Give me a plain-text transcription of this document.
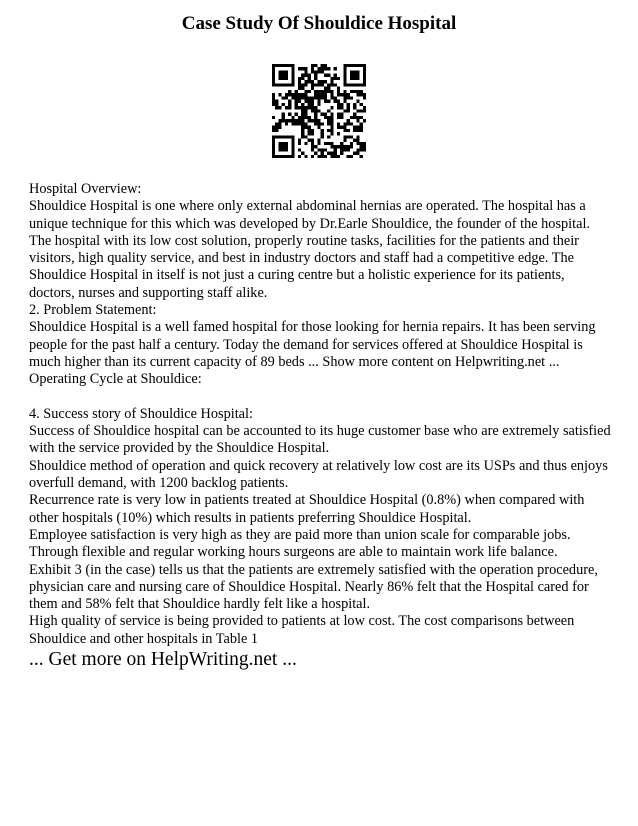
Case Study Of Shouldice Hospital
Hospital Overview:
Shouldice Hospital is one where only external abdominal hernias are operated. The hospital has a unique technique for this which was developed by Dr.Earle Shouldice, the founder of the hospital. The hospital with its low cost solution, properly routine tasks, facilities for the patients and their visitors, high quality service, and best in industry doctors and staff had a competitive edge. The Shouldice Hospital in itself is not just a curing centre but a holistic experience for its patients, doctors, nurses and supporting staff alike.
2. Problem Statement:
Shouldice Hospital is a well famed hospital for those looking for hernia repairs. It has been serving people for the past half a century. Today the demand for services offered at Shouldice Hospital is much higher than its current capacity of 89 beds ... Show more content on Helpwriting.net ...
Operating Cycle at Shouldice:
4. Success story of Shouldice Hospital:
Success of Shouldice hospital can be accounted to its huge customer base who are extremely satisfied with the service provided by the Shouldice Hospital.
Shouldice method of operation and quick recovery at relatively low cost are its USPs and thus enjoys overfull demand, with 1200 backlog patients.
Recurrence rate is very low in patients treated at Shouldice Hospital (0.8%) when compared with other hospitals (10%) which results in patients preferring Shouldice Hospital.
Employee satisfaction is very high as they are paid more than union scale for comparable jobs.
Through flexible and regular working hours surgeons are able to maintain work life balance.
Exhibit 3 (in the case) tells us that the patients are extremely satisfied with the operation procedure, physician care and nursing care of Shouldice Hospital. Nearly 86% felt that the Hospital cared for them and 58% felt that Shouldice hardly felt like a hospital.
High quality of service is being provided to patients at low cost. The cost comparisons between Shouldice and other hospitals in Table 1

... Get more on HelpWriting.net ...
